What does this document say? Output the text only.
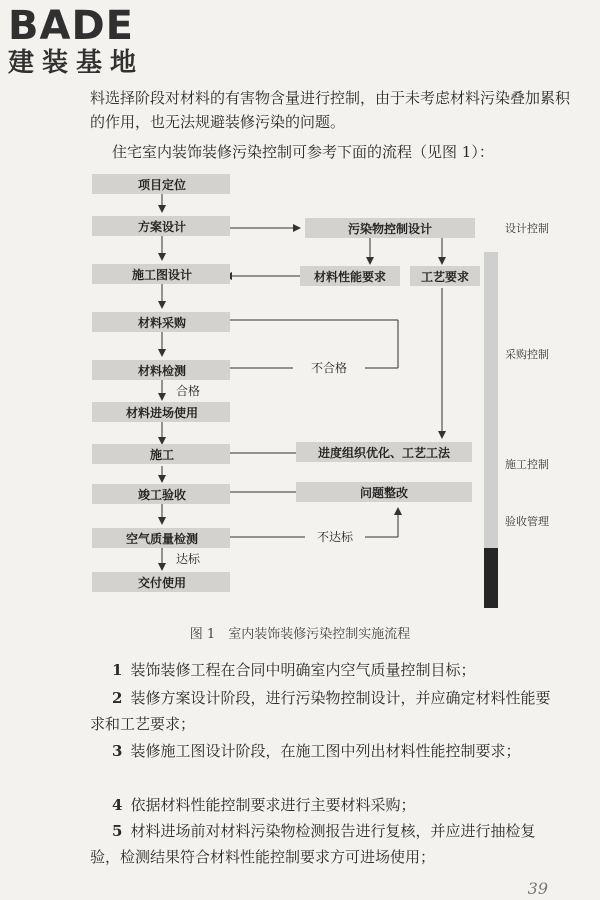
BADE
建装基地

料选择阶段对材料的有害物含量进行控制，由于未考虑材料污染叠加累积的作用，也无法规避装修污染的问题。

住宅室内装饰装修污染控制可参考下面的流程（见图 1）：

项目定位
方案设计
施工图设计
材料采购
材料检测
材料进场使用
施工
竣工验收
空气质量检测
交付使用
污染物控制设计
材料性能要求	工艺要求
进度组织优化、工艺工法
问题整改
合格
不合格
不达标
达标
设计控制
采购控制
施工控制
验收管理
图 1　室内装饰装修污染控制实施流程

1 装饰装修工程在合同中明确室内空气质量控制目标；

2 装修方案设计阶段，进行污染物控制设计，并应确定材料性能要求和工艺要求；

3 装修施工图设计阶段，在施工图中列出材料性能控制要求；

4 依据材料性能控制要求进行主要材料采购；

5 材料进场前对材料污染物检测报告进行复核，并应进行抽检复验，检测结果符合材料性能控制要求方可进场使用；

39
